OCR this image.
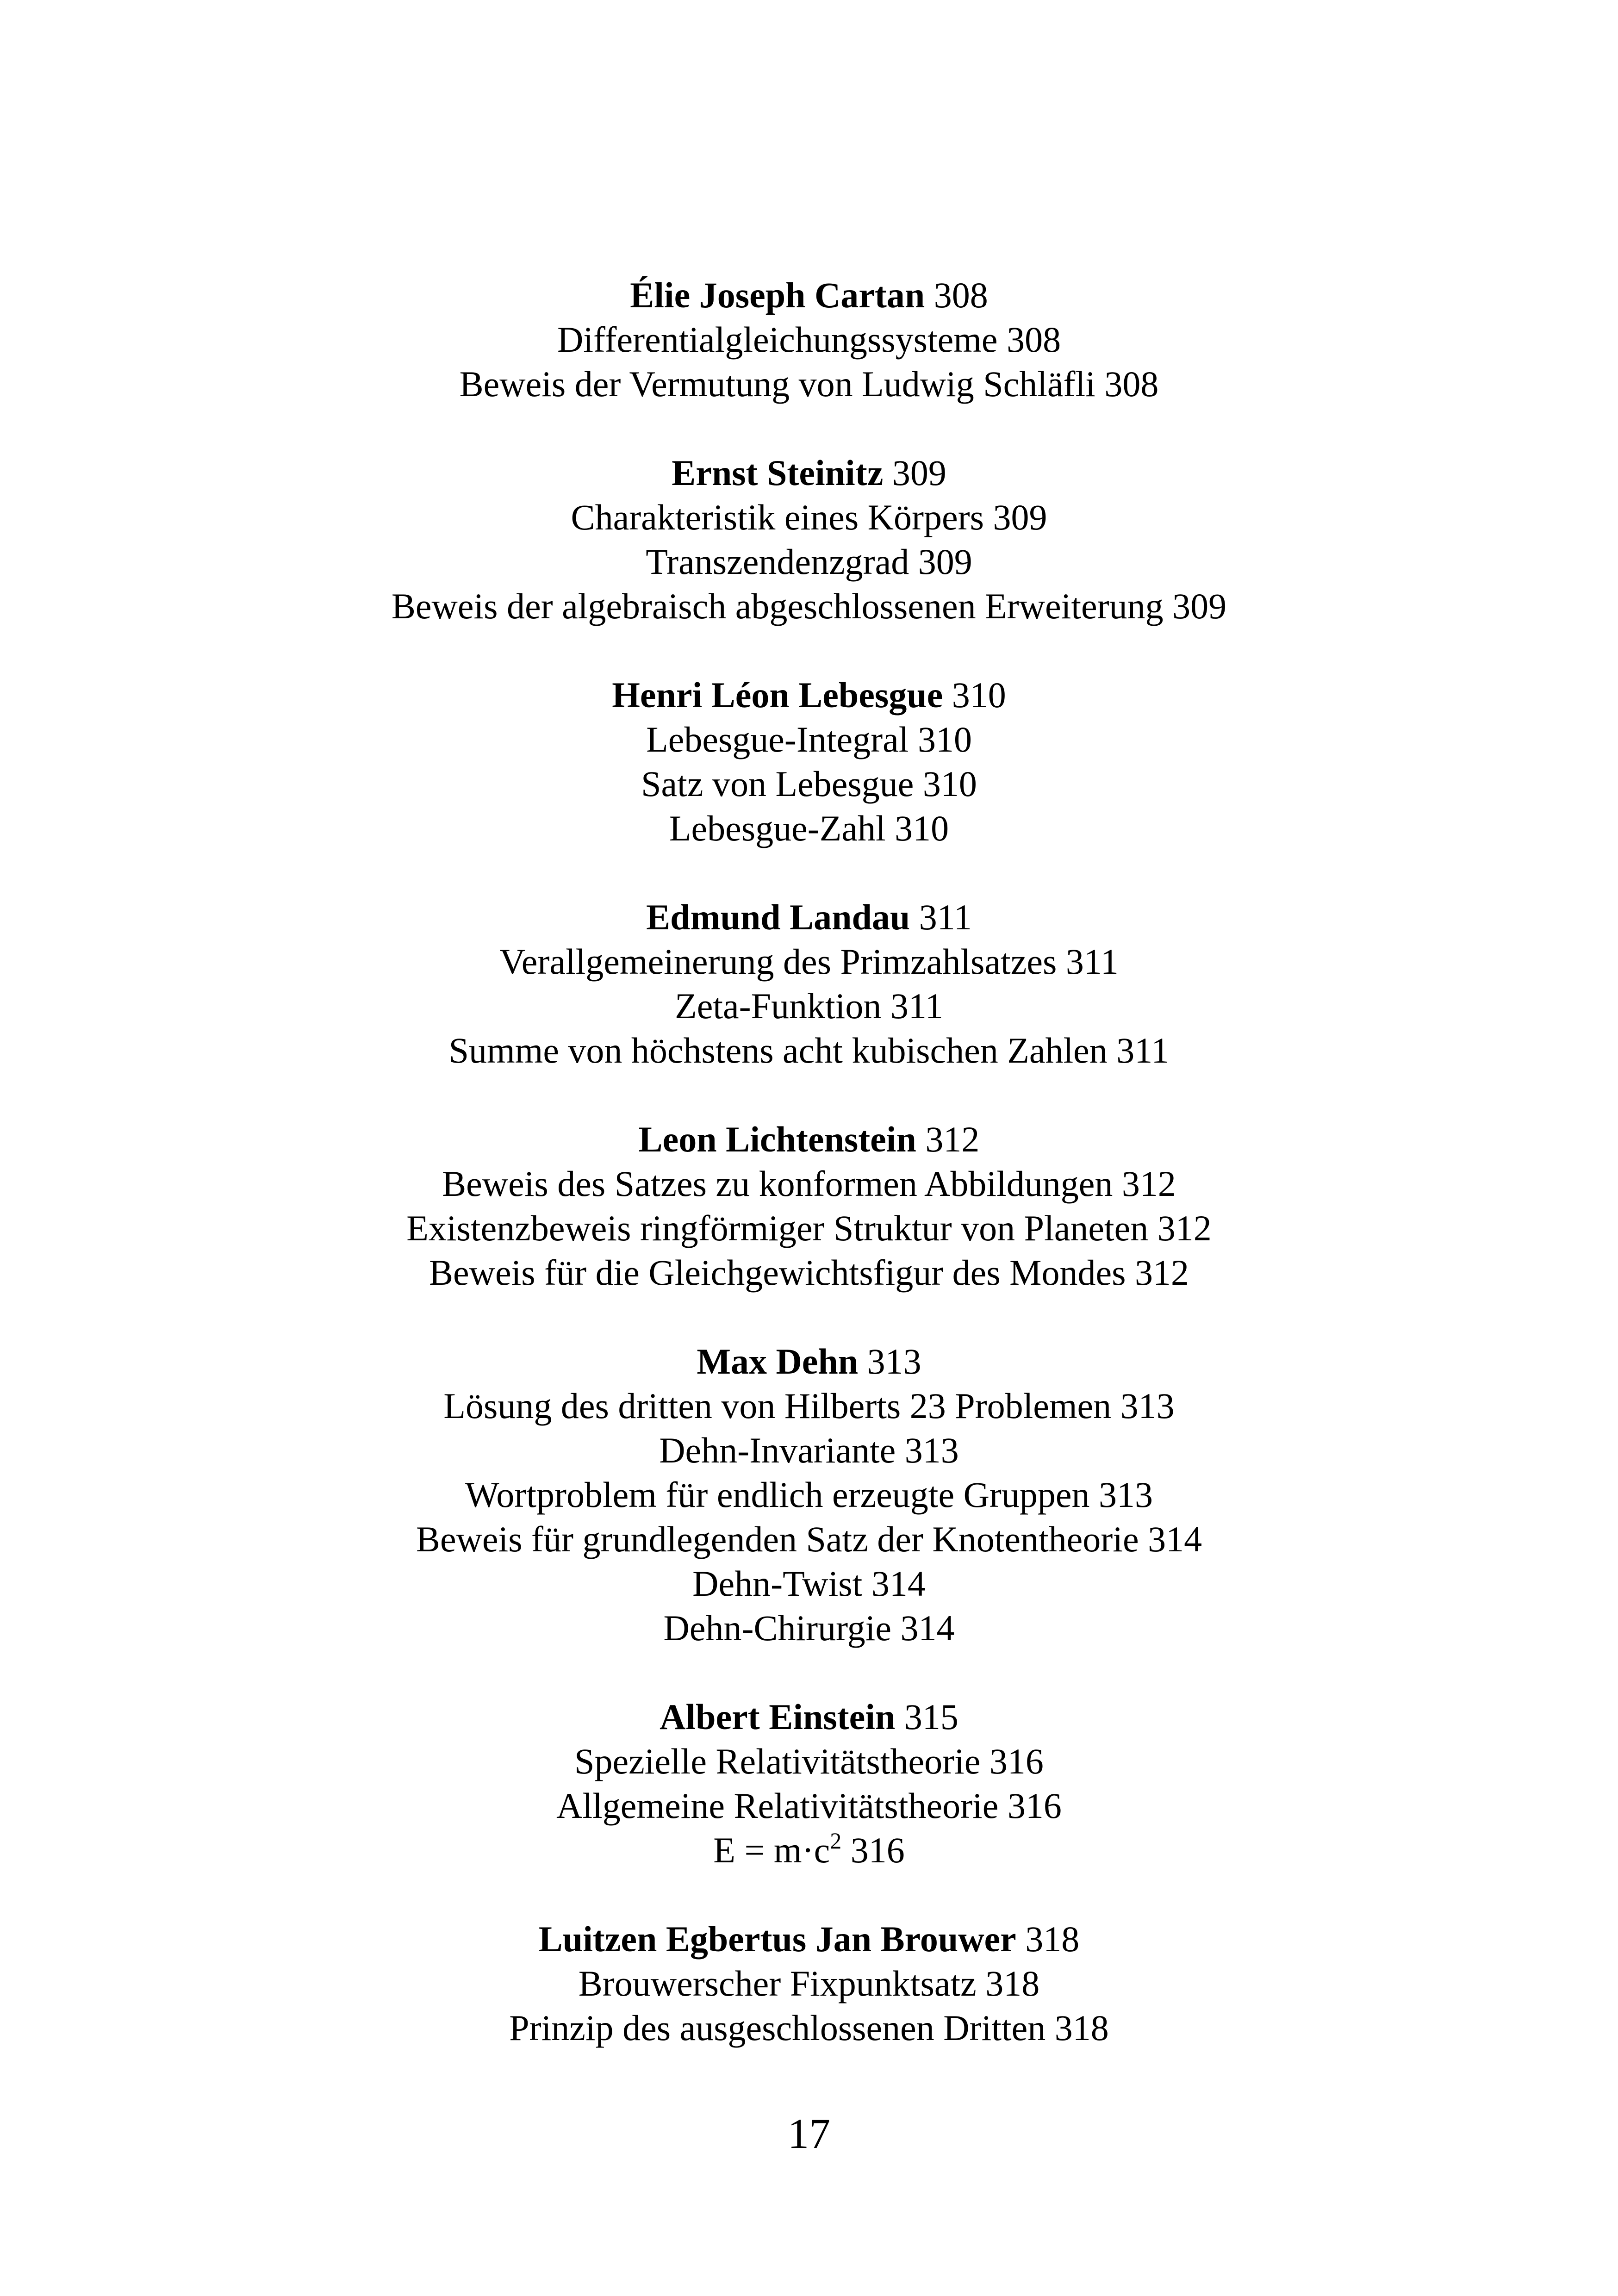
Élie Joseph Cartan 308
Differentialgleichungssysteme 308
Beweis der Vermutung von Ludwig Schläfli 308
Ernst Steinitz 309
Charakteristik eines Körpers 309
Transzendenzgrad 309
Beweis der algebraisch abgeschlossenen Erweiterung 309
Henri Léon Lebesgue 310
Lebesgue-Integral 310
Satz von Lebesgue 310
Lebesgue-Zahl 310
Edmund Landau 311
Verallgemeinerung des Primzahlsatzes 311
Zeta-Funktion 311
Summe von höchstens acht kubischen Zahlen 311
Leon Lichtenstein 312
Beweis des Satzes zu konformen Abbildungen 312
Existenzbeweis ringförmiger Struktur von Planeten 312
Beweis für die Gleichgewichtsfigur des Mondes 312
Max Dehn 313
Lösung des dritten von Hilberts 23 Problemen 313
Dehn-Invariante 313
Wortproblem für endlich erzeugte Gruppen 313
Beweis für grundlegenden Satz der Knotentheorie 314
Dehn-Twist 314
Dehn-Chirurgie 314
Albert Einstein 315
Spezielle Relativitätstheorie 316
Allgemeine Relativitätstheorie 316
$E = m\cdot c^2$ 316
Luitzen Egbertus Jan Brouwer 318
Brouwerscher Fixpunktsatz 318
Prinzip des ausgeschlossenen Dritten 318
17
